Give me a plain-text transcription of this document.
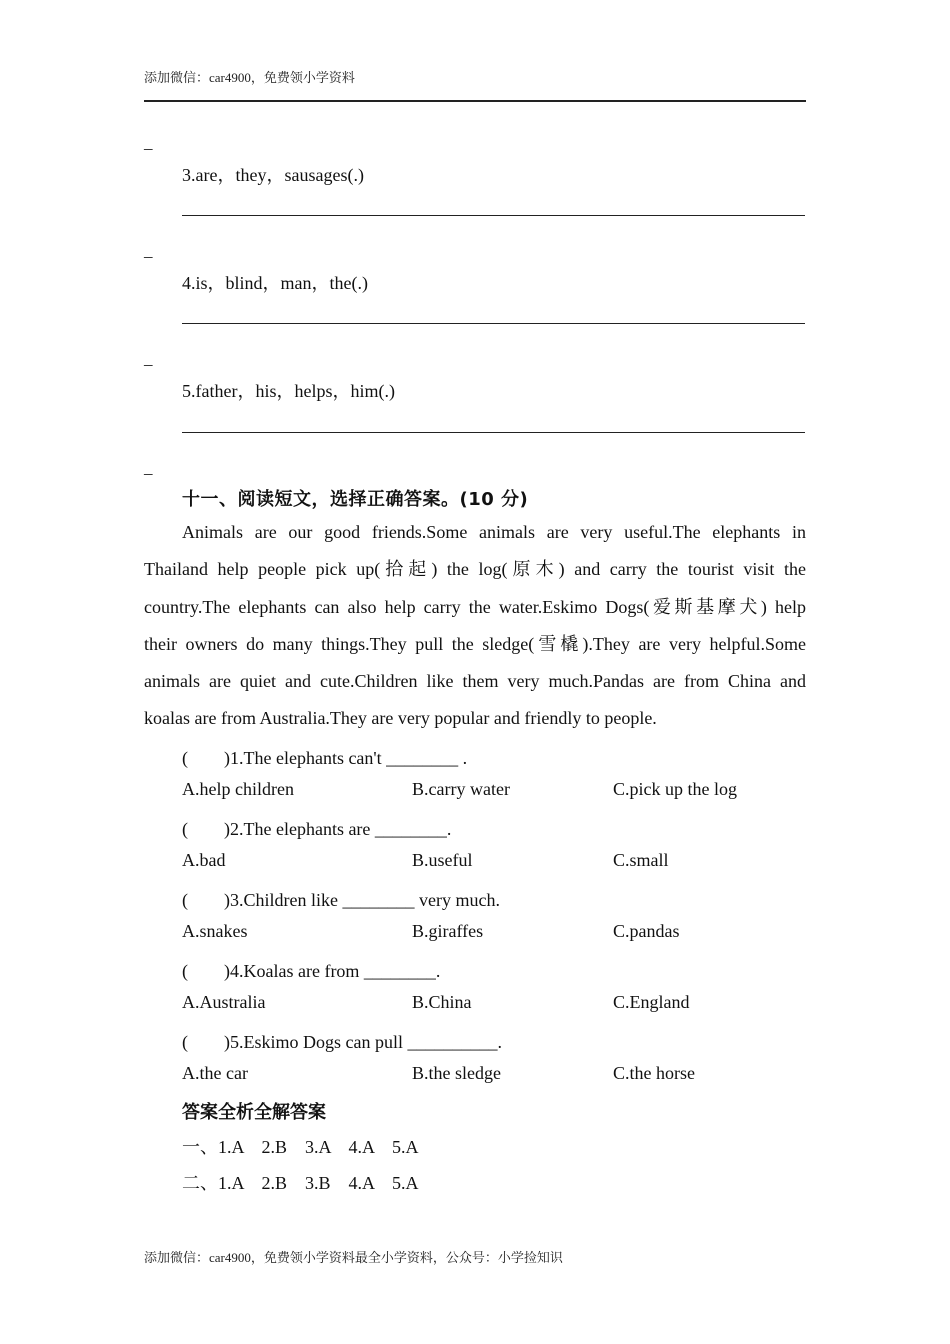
添加微信：car4900，免费领小学资料
_
3.are，they，sausages(.)
_
4.is，blind，man，the(.)
_
5.father，his，helps，him(.)
_
十一、阅读短文，选择正确答案。(10 分)
Animals are our good friends.Some animals are very useful.The elephants in
Thailand help people pick up(拾起) the log(原木) and carry the tourist visit the
country.The elephants can also help carry the water.Eskimo Dogs(爱斯基摩犬) help
their owners do many things.They pull the sledge(雪橇).They are very helpful.Some
animals are quiet and cute.Children like them very much.Pandas are from China and
koalas are from Australia.They are very popular and friendly to people.
(　　)1.The elephants can't ________ .
A.help children	B.carry water	C.pick up the log
(　　)2.The elephants are ________.
A.bad	B.useful	C.small
(　　)3.Children like ________ very much.
A.snakes	B.giraffes	C.pandas
(　　)4.Koalas are from ________.
A.Australia	B.China	C.England
(　　)5.Eskimo Dogs can pull __________.
A.the car	B.the sledge	C.the horse
答案全析全解答案
一、1.A　2.B　3.A　4.A　5.A
二、1.A　2.B　3.B　4.A　5.A
添加微信：car4900，免费领小学资料最全小学资料，公众号：小学捡知识
